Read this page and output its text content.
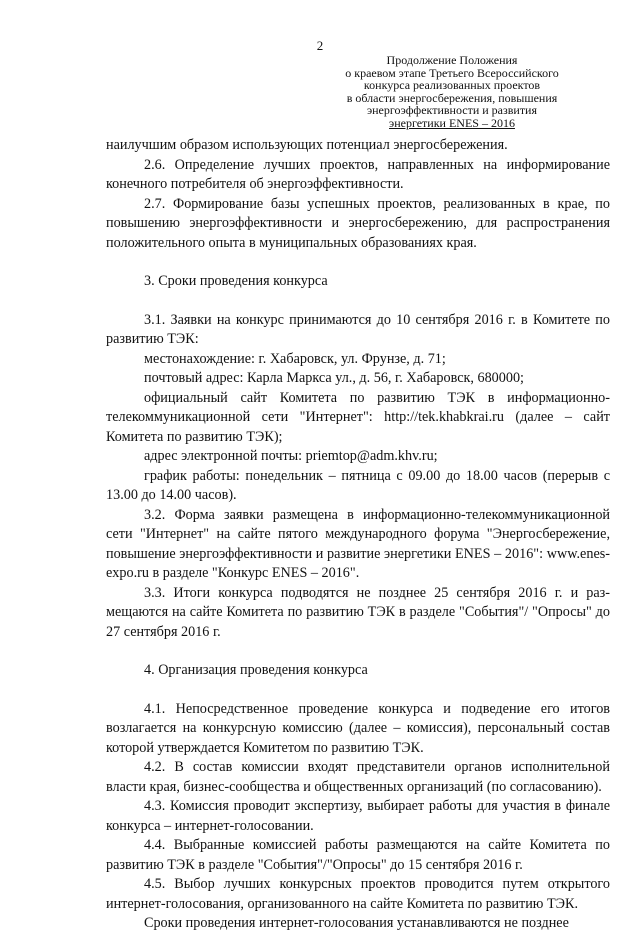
2
Продолжение Положения
о краевом этапе Третьего Всероссийского
конкурса реализованных проектов
в области энергосбережения, повышения
энергоэффективности и развития
энергетики ENES – 2016

наилучшим образом использующих потенциал энергосбережения.

2.6. Определение лучших проектов, направленных на информирование конечного потребителя об энергоэффективности.

2.7. Формирование базы успешных проектов, реализованных в крае, по повышению энергоэффективности и энергосбережению, для распространения положительного опыта в муниципальных образованиях края.

3. Сроки проведения конкурса

3.1. Заявки на конкурс принимаются до 10 сентября 2016 г. в Комитете по развитию ТЭК:

местонахождение: г. Хабаровск, ул. Фрунзе, д. 71;

почтовый адрес: Карла Маркса ул., д. 56, г. Хабаровск, 680000;

официальный сайт Комитета по развитию ТЭК в информационно-телекоммуникационной сети "Интернет": http://tek.khabkrai.ru (далее – сайт Комитета по развитию ТЭК);

адрес электронной почты: priemtop@adm.khv.ru;

график работы: понедельник – пятница с 09.00 до 18.00 часов (перерыв с 13.00 до 14.00 часов).

3.2. Форма заявки размещена в информационно-телекоммуникационной сети "Интернет" на сайте пятого международного форума "Энергосбережение, повышение энергоэффективности и развитие энергетики ENES – 2016": www.enes-expo.ru в разделе "Конкурс ENES – 2016".

3.3. Итоги конкурса подводятся не позднее 25 сентября 2016 г. и размещаются на сайте Комитета по развитию ТЭК в разделе "События"/ "Опросы" до 27 сентября 2016 г.

4. Организация проведения конкурса

4.1. Непосредственное проведение конкурса и подведение его итогов возлагается на конкурсную комиссию (далее – комиссия), персональный состав которой утверждается Комитетом по развитию ТЭК.

4.2. В состав комиссии входят представители органов исполнительной власти края, бизнес-сообщества и общественных организаций (по согласованию).

4.3. Комиссия проводит экспертизу, выбирает работы для участия в финале конкурса – интернет-голосовании.

4.4. Выбранные комиссией работы размещаются на сайте Комитета по развитию ТЭК в разделе "События"/"Опросы" до 15 сентября 2016 г.

4.5. Выбор лучших конкурсных проектов проводится путем открытого интернет-голосования, организованного на сайте Комитета по развитию ТЭК.

Сроки проведения интернет-голосования устанавливаются не позднее
